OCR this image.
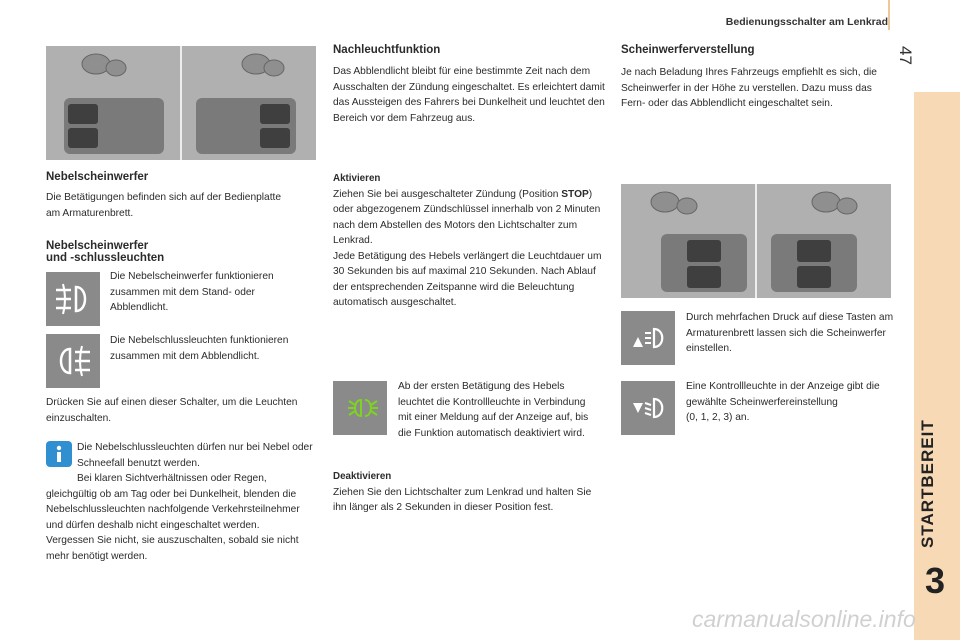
Bedienungsschalter am Lenkrad
47
STARTBEREIT
3
Nebelscheinwerfer

Die Betätigungen befinden sich auf der Bedienplatte am Armaturenbrett.

Nebelscheinwerfer
und -schlussleuchten

Die Nebelscheinwerfer funktionieren zusammen mit dem Stand- oder Abblendlicht.

Die Nebelschlussleuchten funktionieren zusammen mit dem Abblendlicht.

Drücken Sie auf einen dieser Schalter, um die Leuchten einzuschalten.

Die Nebelschlussleuchten dürfen nur bei Nebel oder Schneefall benutzt werden.

Bei klaren Sichtverhältnissen oder Regen, gleichgültig ob am Tag oder bei Dunkelheit, blenden die Nebelschlussleuchten nachfolgende Verkehrsteilnehmer und dürfen deshalb nicht eingeschaltet werden.

Vergessen Sie nicht, sie auszuschalten, sobald sie nicht mehr benötigt werden.

Nachleuchtfunktion

Das Abblendlicht bleibt für eine bestimmte Zeit nach dem Ausschalten der Zündung eingeschaltet. Es erleichtert damit das Aussteigen des Fahrers bei Dunkelheit und leuchtet den Bereich vor dem Fahrzeug aus.

Aktivieren

Ziehen Sie bei ausgeschalteter Zündung (Position STOP) oder abgezogenem Zündschlüssel innerhalb von 2 Minuten nach dem Abstellen des Motors den Lichtschalter zum Lenkrad.

Jede Betätigung des Hebels verlängert die Leuchtdauer um 30 Sekunden bis auf maximal 210 Sekunden. Nach Ablauf der entsprechenden Zeitspanne wird die Beleuchtung automatisch ausgeschaltet.

Ab der ersten Betätigung des Hebels leuchtet die Kontrollleuchte in Verbindung mit einer Meldung auf der Anzeige auf, bis die Funktion automatisch deaktiviert wird.

Deaktivieren

Ziehen Sie den Lichtschalter zum Lenkrad und halten Sie ihn länger als 2 Sekunden in dieser Position fest.

Scheinwerferverstellung

Je nach Beladung Ihres Fahrzeugs empfiehlt es sich, die Scheinwerfer in der Höhe zu verstellen. Dazu muss das Fern- oder das Abblendlicht eingeschaltet sein.

Durch mehrfachen Druck auf diese Tasten am Armaturenbrett lassen sich die Scheinwerfer einstellen.

Eine Kontrollleuchte in der Anzeige gibt die gewählte Scheinwerfereinstellung

(0, 1, 2, 3) an.

carmanualsonline.info
